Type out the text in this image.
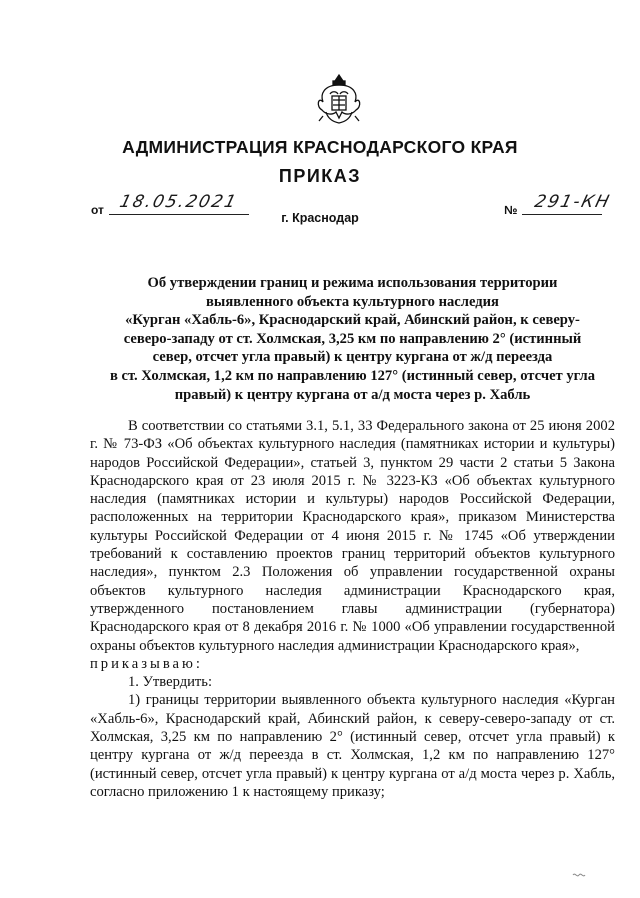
АДМИНИСТРАЦИЯ КРАСНОДАРСКОГО КРАЯ
ПРИКАЗ
от 18.05.2021	№ 291-КН
г. Краснодар
Об утверждении границ и режима использования территории
выявленного объекта культурного наследия
«Курган «Хабль-6», Краснодарский край, Абинский район, к северу-
северо-западу от ст. Холмская, 3,25 км по направлению 2° (истинный
север, отсчет угла правый) к центру кургана от ж/д переезда
в ст. Холмская, 1,2 км по направлению 127° (истинный север, отсчет угла
правый) к центру кургана от а/д моста через р. Хабль

В соответствии со статьями 3.1, 5.1, 33 Федерального закона от 25 июня 2002 г. № 73-ФЗ «Об объектах культурного наследия (памятниках истории и культуры) народов Российской Федерации», статьей 3, пунктом 29 части 2 статьи 5 Закона Краснодарского края от 23 июля 2015 г. № 3223-КЗ «Об объектах культурного наследия (памятниках истории и культуры) народов Российской Федерации, расположенных на территории Краснодарского края», приказом Министерства культуры Российской Федерации от 4 июня 2015 г. № 1745 «Об утверждении требований к составлению проектов границ территорий объектов культурного наследия», пунктом 2.3 Положения об управлении государственной охраны объектов культурного наследия администрации Краснодарского края, утвержденного постановлением главы администрации (губернатора) Краснодарского края от 8 декабря 2016 г. № 1000 «Об управлении государственной охраны объектов культурного наследия администрации Краснодарского края»,

приказываю:

1. Утвердить:

1) границы территории выявленного объекта культурного наследия «Курган «Хабль-6», Краснодарский край, Абинский район, к северу-северо-западу от ст. Холмская, 3,25 км по направлению 2° (истинный север, отсчет угла правый) к центру кургана от ж/д переезда в ст. Холмская, 1,2 км по направлению 127° (истинный север, отсчет угла правый) к центру кургана от а/д моста через р. Хабль, согласно приложению 1 к настоящему приказу;
